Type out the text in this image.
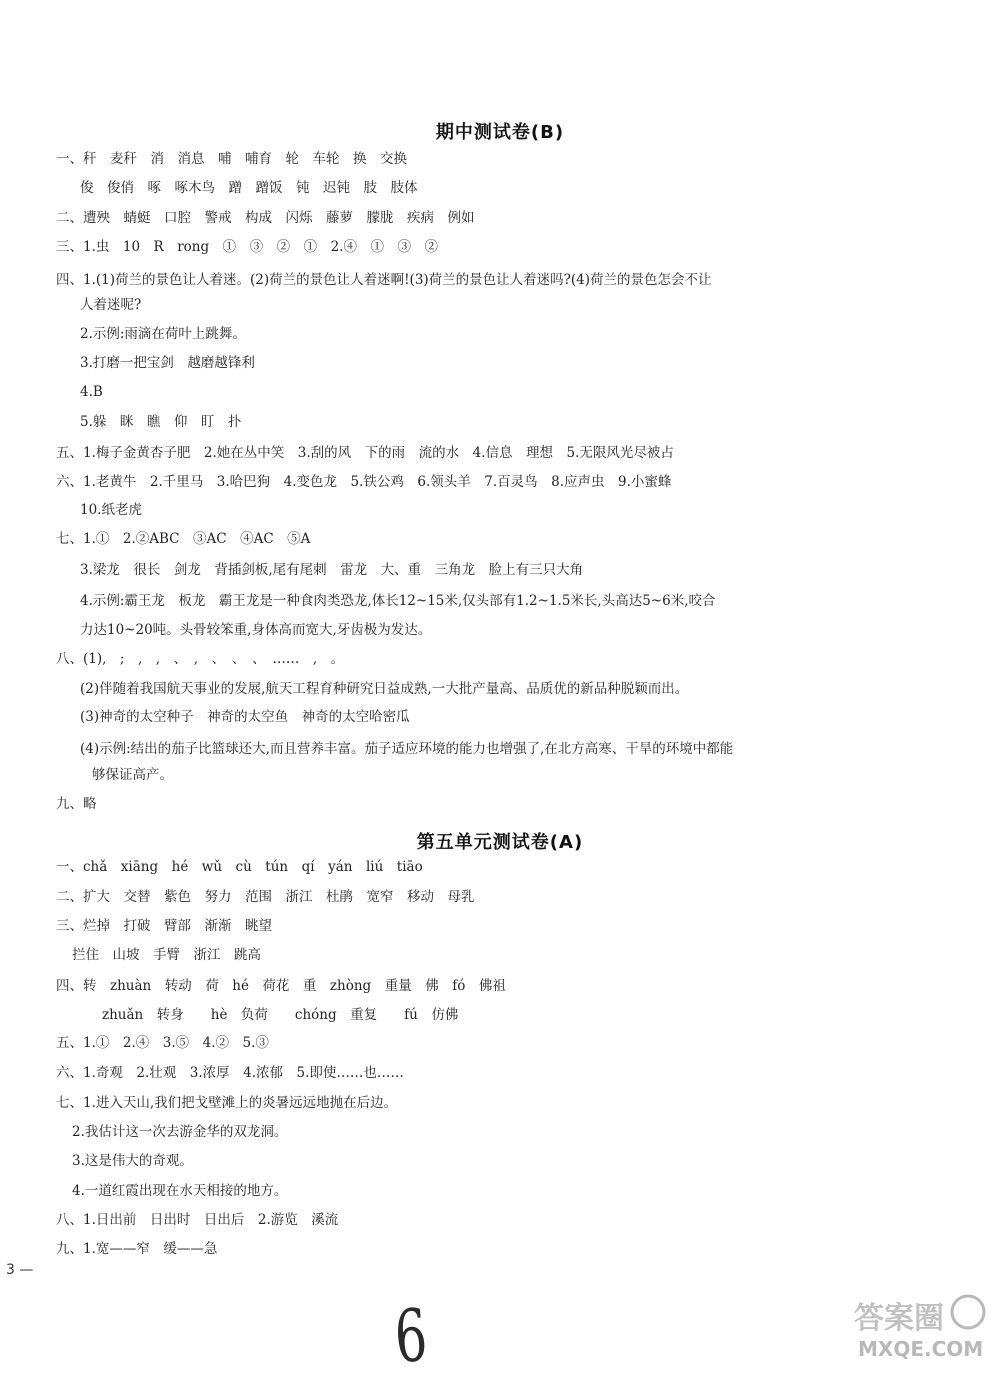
期中测试卷(B)
一、秆　麦秆　消　消息　哺　哺育　轮　车轮　换　交换
俊　俊俏　啄　啄木鸟　蹭　蹭饭　钝　迟钝　肢　肢体
二、遭殃　蜻蜓　口腔　警戒　构成　闪烁　藤萝　朦胧　疾病　例如
三、1.虫　10　R　rong　①　③　②　①　2.④　①　③　②
四、1.(1)荷兰的景色让人着迷。(2)荷兰的景色让人着迷啊!(3)荷兰的景色让人着迷吗?(4)荷兰的景色怎会不让
人着迷呢?
2.示例:雨滴在荷叶上跳舞。
3.打磨一把宝剑　越磨越锋利
4.B
5.躲　眯　瞧　仰　盯　扑
五、1.梅子金黄杏子肥　2.她在丛中笑　3.刮的风　下的雨　流的水　4.信息　理想　5.无限风光尽被占
六、1.老黄牛　2.千里马　3.哈巴狗　4.变色龙　5.铁公鸡　6.领头羊　7.百灵鸟　8.应声虫　9.小蜜蜂
10.纸老虎
七、1.①　2.②ABC　③AC　④AC　⑤A
3.梁龙　很长　剑龙　背插剑板,尾有尾刺　雷龙　大、重　三角龙　脸上有三只大角
4.示例:霸王龙　板龙　霸王龙是一种食肉类恐龙,体长12~15米,仅头部有1.2~1.5米长,头高达5~6米,咬合
力达10~20吨。头骨较笨重,身体高而宽大,牙齿极为发达。
八、(1),　;　,　,　、　,　、　、　、　……　,　。
(2)伴随着我国航天事业的发展,航天工程育种研究日益成熟,一大批产量高、品质优的新品种脱颖而出。
(3)神奇的太空种子　神奇的太空鱼　神奇的太空哈密瓜
(4)示例:结出的茄子比篮球还大,而且营养丰富。茄子适应环境的能力也增强了,在北方高寒、干旱的环境中都能
够保证高产。
九、略
第五单元测试卷(A)
一、chǎ　xiāng　hé　wǔ　cù　tún　qí　yán　liú　tiāo
二、扩大　交替　紫色　努力　范围　浙江　杜鹃　宽窄　移动　母乳
三、烂掉　打破　臂部　渐渐　眺望
拦住　山坡　手臂　浙江　跳高
四、转　zhuàn　转动　荷　hé　荷花　重　zhòng　重量　佛　fó　佛祖
zhuǎn　转身　　hè　负荷　　chóng　重复　　fú　仿佛
五、1.①　2.④　3.⑤　4.②　5.③
六、1.奇观　2.壮观　3.浓厚　4.浓郁　5.即使……也……
七、1.进入天山,我们把戈壁滩上的炎暑远远地抛在后边。
2.我估计这一次去游金华的双龙洞。
3.这是伟大的奇观。
4.一道红霞出现在水天相接的地方。
八、1.日出前　日出时　日出后　2.游览　溪流
九、1.宽——窄　缓——急
3 —
6	答案圈
MXQE.COM
